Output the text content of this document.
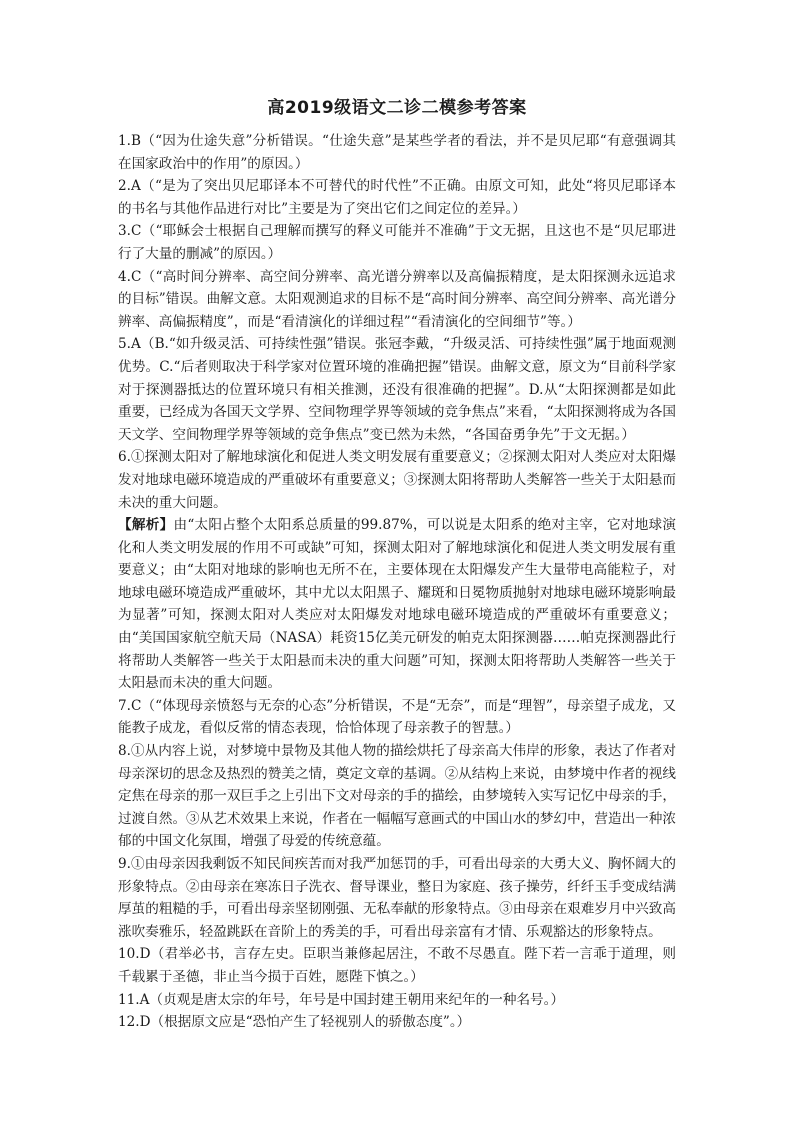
高2019级语文二诊二模参考答案

1.B（“因为仕途失意”分析错误。“仕途失意”是某些学者的看法，并不是贝尼耶“有意强调其在国家政治中的作用”的原因。）

2.A（“是为了突出贝尼耶译本不可替代的时代性”不正确。由原文可知，此处“将贝尼耶译本的书名与其他作品进行对比”主要是为了突出它们之间定位的差异。）

3.C（“耶稣会士根据自己理解而撰写的释义可能并不准确”于文无据，且这也不是“贝尼耶进行了大量的删减”的原因。）

4.C（“高时间分辨率、高空间分辨率、高光谱分辨率以及高偏振精度，是太阳探测永远追求的目标”错误。曲解文意。太阳观测追求的目标不是“高时间分辨率、高空间分辨率、高光谱分辨率、高偏振精度”，而是“看清演化的详细过程”“看清演化的空间细节”等。）

5.A（B.“如升级灵活、可持续性强”错误。张冠李戴，“升级灵活、可持续性强”属于地面观测优势。C.“后者则取决于科学家对位置环境的准确把握”错误。曲解文意，原文为“目前科学家对于探测器抵达的位置环境只有相关推测，还没有很准确的把握”。D.从“太阳探测都是如此重要，已经成为各国天文学界、空间物理学界等领域的竞争焦点”来看，“太阳探测将成为各国天文学、空间物理学界等领域的竞争焦点”变已然为未然，“各国奋勇争先”于文无据。）

6.①探测太阳对了解地球演化和促进人类文明发展有重要意义；②探测太阳对人类应对太阳爆发对地球电磁环境造成的严重破坏有重要意义；③探测太阳将帮助人类解答一些关于太阳悬而未决的重大问题。

【解析】由“太阳占整个太阳系总质量的99.87%，可以说是太阳系的绝对主宰，它对地球演化和人类文明发展的作用不可或缺”可知，探测太阳对了解地球演化和促进人类文明发展有重要意义；由“太阳对地球的影响也无所不在，主要体现在太阳爆发产生大量带电高能粒子，对地球电磁环境造成严重破坏，其中尤以太阳黑子、耀斑和日冕物质抛射对地球电磁环境影响最为显著”可知，探测太阳对人类应对太阳爆发对地球电磁环境造成的严重破坏有重要意义；由“美国国家航空航天局（NASA）耗资15亿美元研发的帕克太阳探测器……帕克探测器此行将帮助人类解答一些关于太阳悬而未决的重大问题”可知，探测太阳将帮助人类解答一些关于太阳悬而未决的重大问题。

7.C（“体现母亲愤怒与无奈的心态”分析错误，不是“无奈”，而是“理智”，母亲望子成龙，又能教子成龙，看似反常的情态表现，恰恰体现了母亲教子的智慧。）

8.①从内容上说，对梦境中景物及其他人物的描绘烘托了母亲高大伟岸的形象，表达了作者对母亲深切的思念及热烈的赞美之情，奠定文章的基调。②从结构上来说，由梦境中作者的视线定焦在母亲的那一双巨手之上引出下文对母亲的手的描绘，由梦境转入实写记忆中母亲的手，过渡自然。③从艺术效果上来说，作者在一幅幅写意画式的中国山水的梦幻中，营造出一种浓郁的中国文化氛围，增强了母爱的传统意蕴。

9.①由母亲因我剩饭不知民间疾苦而对我严加惩罚的手，可看出母亲的大勇大义、胸怀阔大的形象特点。②由母亲在寒冻日子洗衣、督导课业，整日为家庭、孩子操劳，纤纤玉手变成结满厚茧的粗糙的手，可看出母亲坚韧刚强、无私奉献的形象特点。③由母亲在艰难岁月中兴致高涨吹奏雅乐，轻盈跳跃在音阶上的秀美的手，可看出母亲富有才情、乐观豁达的形象特点。

10.D（君举必书，言存左史。臣职当兼修起居注，不敢不尽愚直。陛下若一言乖于道理，则千载累于圣德，非止当今损于百姓，愿陛下慎之。）

11.A（贞观是唐太宗的年号，年号是中国封建王朝用来纪年的一种名号。）

12.D（根据原文应是“恐怕产生了轻视别人的骄傲态度”。）
